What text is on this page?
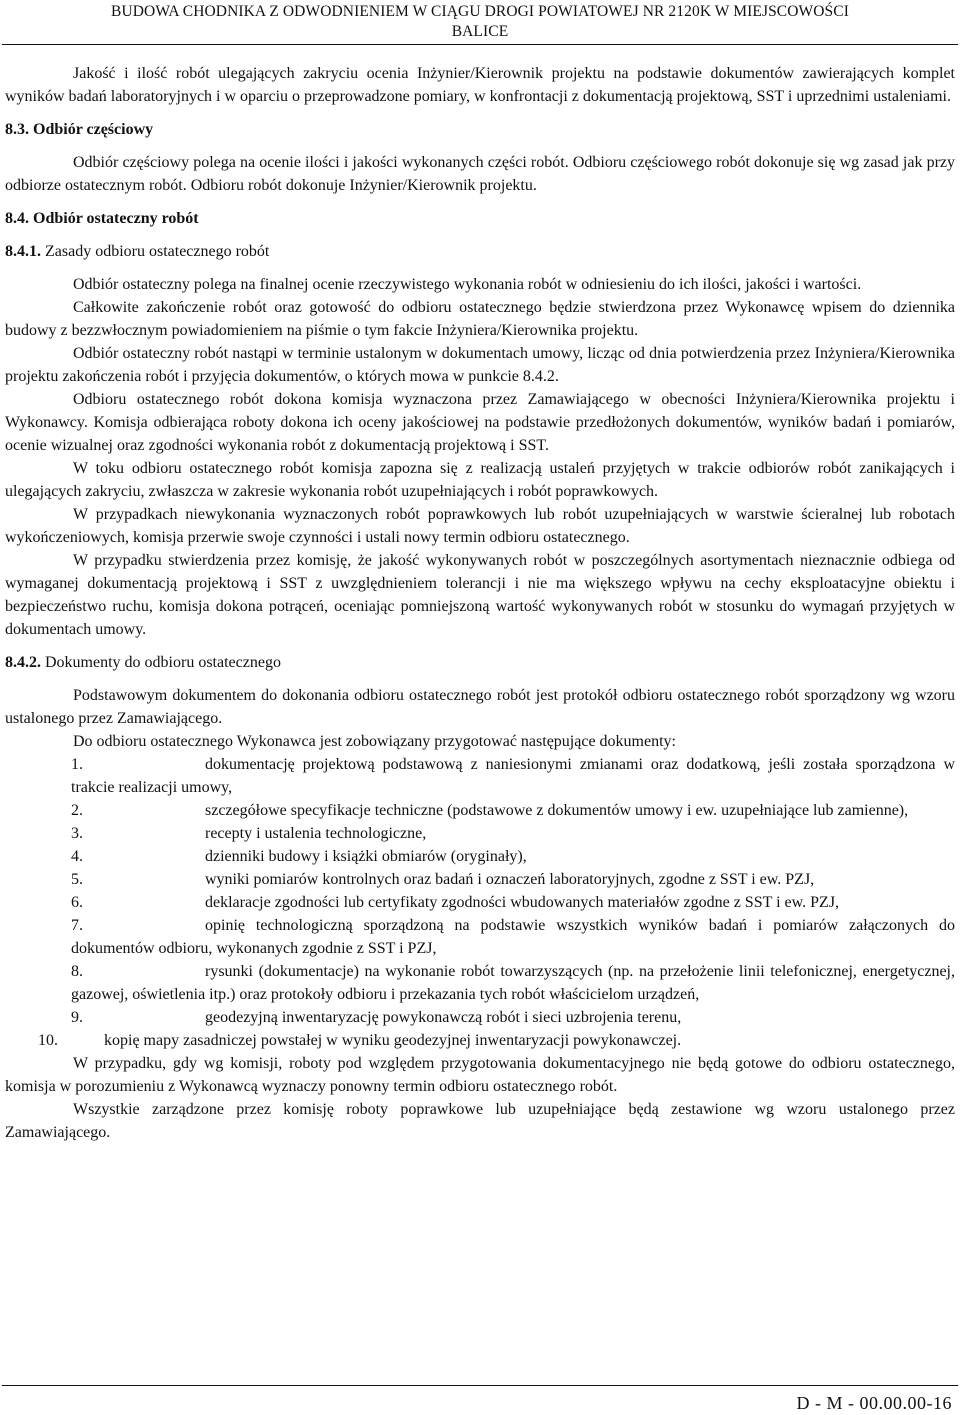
BUDOWA CHODNIKA Z ODWODNIENIEM W CIĄGU DROGI POWIATOWEJ NR 2120K W MIEJSCOWOŚCI
BALICE

Jakość i ilość robót ulegających zakryciu ocenia Inżynier/Kierownik projektu na podstawie dokumentów zawierających komplet wyników badań laboratoryjnych i w oparciu o przeprowadzone pomiary, w konfrontacji z dokumentacją projektową, SST i uprzednimi ustaleniami.

8.3. Odbiór częściowy

Odbiór częściowy polega na ocenie ilości i jakości wykonanych części robót. Odbioru częściowego robót dokonuje się wg zasad jak przy odbiorze ostatecznym robót. Odbioru robót dokonuje Inżynier/Kierownik projektu.

8.4. Odbiór ostateczny robót

8.4.1. Zasady odbioru ostatecznego robót

Odbiór ostateczny polega na finalnej ocenie rzeczywistego wykonania robót w odniesieniu do ich ilości, jakości i wartości.

Całkowite zakończenie robót oraz gotowość do odbioru ostatecznego będzie stwierdzona przez Wykonawcę wpisem do dziennika budowy z bezzwłocznym powiadomieniem na piśmie o tym fakcie Inżyniera/Kierownika projektu.

Odbiór ostateczny robót nastąpi w terminie ustalonym w dokumentach umowy, licząc od dnia potwierdzenia przez Inżyniera/Kierownika projektu zakończenia robót i przyjęcia dokumentów, o których mowa w punkcie 8.4.2.

Odbioru ostatecznego robót dokona komisja wyznaczona przez Zamawiającego w obecności Inżyniera/Kierownika projektu i Wykonawcy. Komisja odbierająca roboty dokona ich oceny jakościowej na podstawie przedłożonych dokumentów, wyników badań i pomiarów, ocenie wizualnej oraz zgodności wykonania robót z dokumentacją projektową i SST.

W toku odbioru ostatecznego robót komisja zapozna się z realizacją ustaleń przyjętych w trakcie odbiorów robót zanikających i ulegających zakryciu, zwłaszcza w zakresie wykonania robót uzupełniających i robót poprawkowych.

W przypadkach niewykonania wyznaczonych robót poprawkowych lub robót uzupełniających w warstwie ścieralnej lub robotach wykończeniowych, komisja przerwie swoje czynności i ustali nowy termin odbioru ostatecznego.

W przypadku stwierdzenia przez komisję, że jakość wykonywanych robót w poszczególnych asortymentach nieznacznie odbiega od wymaganej dokumentacją projektową i SST z uwzględnieniem tolerancji i nie ma większego wpływu na cechy eksploatacyjne obiektu i bezpieczeństwo ruchu, komisja dokona potrąceń, oceniając pomniejszoną wartość wykonywanych robót w stosunku do wymagań przyjętych w dokumentach umowy.

8.4.2. Dokumenty do odbioru ostatecznego

Podstawowym dokumentem do dokonania odbioru ostatecznego robót jest protokół odbioru ostatecznego robót sporządzony wg wzoru ustalonego przez Zamawiającego.

Do odbioru ostatecznego Wykonawca jest zobowiązany przygotować następujące dokumenty:

1.	dokumentację projektową podstawową z naniesionymi zmianami oraz dodatkową, jeśli została sporządzona w trakcie realizacji umowy,

2.	szczegółowe specyfikacje techniczne (podstawowe z dokumentów umowy i ew. uzupełniające lub zamienne),

3.	recepty i ustalenia technologiczne,

4.	dzienniki budowy i książki obmiarów (oryginały),

5.	wyniki pomiarów kontrolnych oraz badań i oznaczeń laboratoryjnych, zgodne z SST i ew. PZJ,

6.	deklaracje zgodności lub certyfikaty zgodności wbudowanych materiałów zgodne z SST i ew. PZJ,

7.	opinię technologiczną sporządzoną na podstawie wszystkich wyników badań i pomiarów załączonych do dokumentów odbioru, wykonanych zgodnie z SST i PZJ,

8.	rysunki (dokumentacje) na wykonanie robót towarzyszących (np. na przełożenie linii telefonicznej, energetycznej, gazowej, oświetlenia itp.) oraz protokoły odbioru i przekazania tych robót właścicielom urządzeń,

9.	geodezyjną inwentaryzację powykonawczą robót i sieci uzbrojenia terenu,

10.	kopię mapy zasadniczej powstałej w wyniku geodezyjnej inwentaryzacji powykonawczej.

W przypadku, gdy wg komisji, roboty pod względem przygotowania dokumentacyjnego nie będą gotowe do odbioru ostatecznego, komisja w porozumieniu z Wykonawcą wyznaczy ponowny termin odbioru ostatecznego robót.

Wszystkie zarządzone przez komisję roboty poprawkowe lub uzupełniające będą zestawione wg wzoru ustalonego przez Zamawiającego.

D - M - 00.00.00-16
